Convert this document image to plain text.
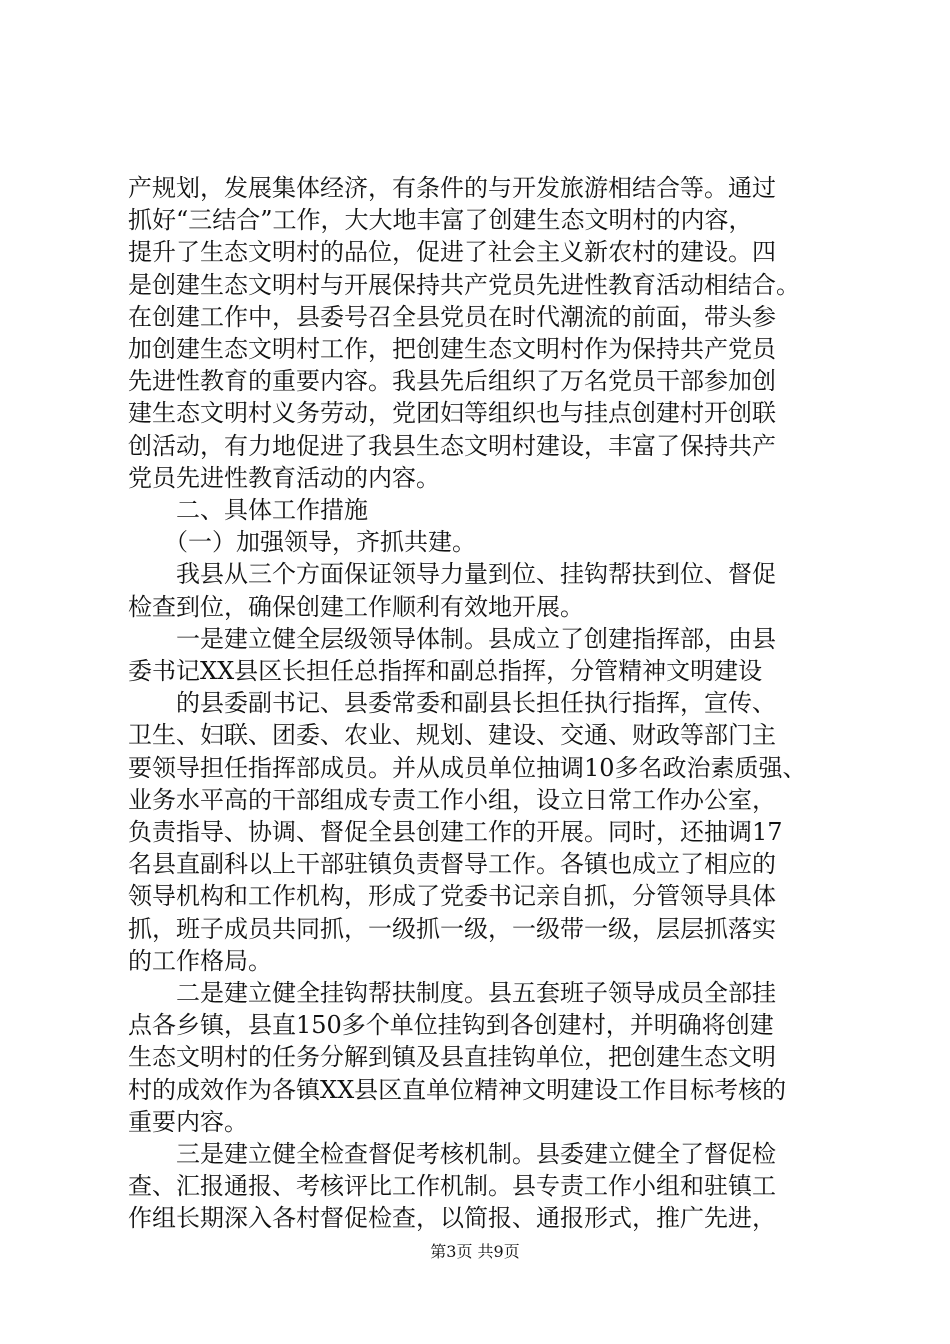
产规划，发展集体经济，有条件的与开发旅游相结合等。通过
抓好“三结合”工作，大大地丰富了创建生态文明村的内容，
提升了生态文明村的品位，促进了社会主义新农村的建设。四
是创建生态文明村与开展保持共产党员先进性教育活动相结合。
在创建工作中，县委号召全县党员在时代潮流的前面，带头参
加创建生态文明村工作，把创建生态文明村作为保持共产党员
先进性教育的重要内容。我县先后组织了万名党员干部参加创
建生态文明村义务劳动，党团妇等组织也与挂点创建村开创联
创活动，有力地促进了我县生态文明村建设，丰富了保持共产
党员先进性教育活动的内容。
　　二、具体工作措施
　　（一）加强领导，齐抓共建。
　　我县从三个方面保证领导力量到位、挂钩帮扶到位、督促
检查到位，确保创建工作顺利有效地开展。
　　一是建立健全层级领导体制。县成立了创建指挥部，由县
委书记XX县区长担任总指挥和副总指挥，分管精神文明建设
　　的县委副书记、县委常委和副县长担任执行指挥，宣传、
卫生、妇联、团委、农业、规划、建设、交通、财政等部门主
要领导担任指挥部成员。并从成员单位抽调10多名政治素质强、
业务水平高的干部组成专责工作小组，设立日常工作办公室，
负责指导、协调、督促全县创建工作的开展。同时，还抽调17
名县直副科以上干部驻镇负责督导工作。各镇也成立了相应的
领导机构和工作机构，形成了党委书记亲自抓，分管领导具体
抓，班子成员共同抓，一级抓一级，一级带一级，层层抓落实
的工作格局。
　　二是建立健全挂钩帮扶制度。县五套班子领导成员全部挂
点各乡镇，县直150多个单位挂钩到各创建村，并明确将创建
生态文明村的任务分解到镇及县直挂钩单位，把创建生态文明
村的成效作为各镇XX县区直单位精神文明建设工作目标考核的
重要内容。
　　三是建立健全检查督促考核机制。县委建立健全了督促检
查、汇报通报、考核评比工作机制。县专责工作小组和驻镇工
作组长期深入各村督促检查，以简报、通报形式，推广先进，
第3页 共9页
